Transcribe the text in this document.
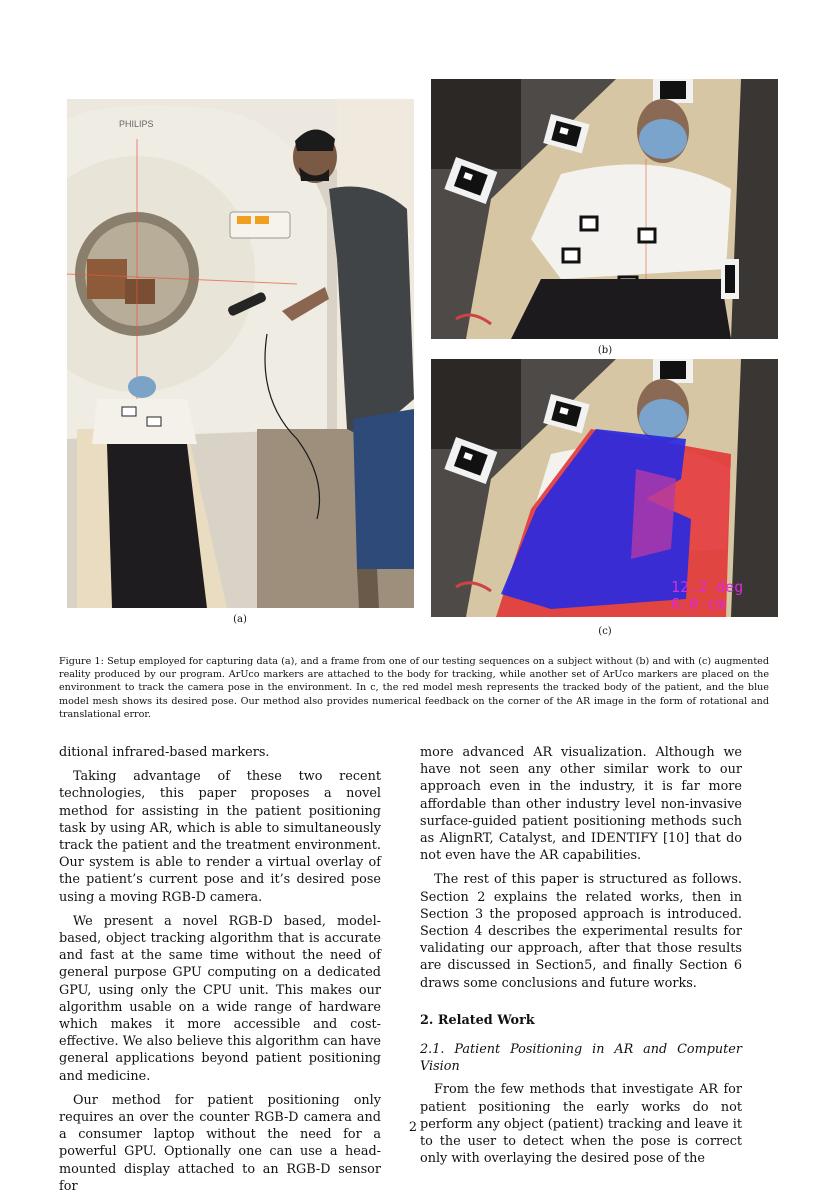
PHILIPS
(a)
(b)
12.2 deg
6.0 cm
(c)
Figure 1: Setup employed for capturing data (a), and a frame from one of our testing sequences on a subject without (b) and with (c) augmented reality produced by our program. ArUco markers are attached to the body for tracking, while another set of ArUco markers are placed on the environment to track the camera pose in the environment. In c, the red model mesh represents the tracked body of the patient, and the blue model mesh shows its desired pose. Our method also provides numerical feedback on the corner of the AR image in the form of rotational and translational error.

ditional infrared-based markers.

Taking advantage of these two recent technologies, this paper proposes a novel method for assisting in the patient positioning task by using AR, which is able to simultaneously track the patient and the treatment environment. Our system is able to render a virtual overlay of the patient’s current pose and it’s desired pose using a moving RGB-D camera.

We present a novel RGB-D based, model-based, object tracking algorithm that is accurate and fast at the same time without the need of general purpose GPU computing on a dedicated GPU, using only the CPU unit. This makes our algorithm usable on a wide range of hardware which makes it more accessible and cost-effective. We also believe this algorithm can have general applications beyond patient positioning and medicine.

Our method for patient positioning only requires an over the counter RGB-D camera and a consumer laptop without the need for a powerful GPU. Optionally one can use a head-mounted display attached to an RGB-D sensor for

more advanced AR visualization. Although we have not seen any other similar work to our approach even in the industry, it is far more affordable than other industry level non-invasive surface-guided patient positioning methods such as AlignRT, Catalyst, and IDENTIFY [10] that do not even have the AR capabilities.

The rest of this paper is structured as follows. Section 2 explains the related works, then in Section 3 the proposed approach is introduced. Section 4 describes the experimental results for validating our approach, after that those results are discussed in Section5, and finally Section 6 draws some conclusions and future works.

2. Related Work
2.1. Patient Positioning in AR and Computer Vision

From the few methods that investigate AR for patient positioning the early works do not perform any object (patient) tracking and leave it to the user to detect when the pose is correct only with overlaying the desired pose of the

2
